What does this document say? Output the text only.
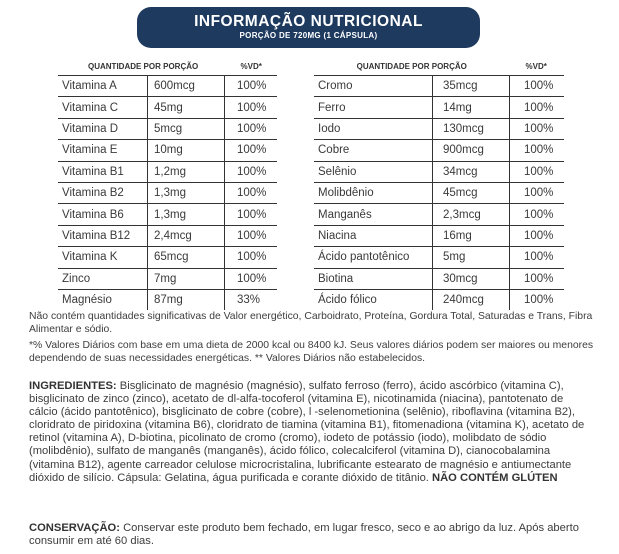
INFORMAÇÃO NUTRICIONAL
PORÇÃO DE 720MG (1 CÁPSULA)
QUANTIDADE POR PORÇÃO		%VD*
Vitamina A	600mcg	100%
Vitamina C	45mg	100%
Vitamina D	5mcg	100%
Vitamina E	10mg	100%
Vitamina B1	1,2mg	100%
Vitamina B2	1,3mg	100%
Vitamina B6	1,3mg	100%
Vitamina B12	2,4mcg	100%
Vitamina K	65mcg	100%
Zinco	7mg	100%
Magnésio	87mg	33%
QUANTIDADE POR PORÇÃO		%VD*
Cromo	35mcg	100%
Ferro	14mg	100%
Iodo	130mcg	100%
Cobre	900mcg	100%
Selênio	34mcg	100%
Molibdênio	45mcg	100%
Manganês	2,3mcg	100%
Niacina	16mg	100%
Ácido pantotênico	5mg	100%
Biotina	30mcg	100%
Ácido fólico	240mcg	100%

Não contém quantidades significativas de Valor energético, Carboidrato, Proteína, Gordura Total, Saturadas e Trans, Fibra Alimentar e sódio.

*% Valores Diários com base em uma dieta de 2000 kcal ou 8400 kJ. Seus valores diários podem ser maiores ou menores dependendo de suas necessidades energéticas. ** Valores Diários não estabelecidos.

INGREDIENTES: Bisglicinato de magnésio (magnésio), sulfato ferroso (ferro), ácido ascórbico (vitamina C), bisglicinato de zinco (zinco), acetato de dl-alfa-tocoferol (vitamina E), nicotinamida (niacina), pantotenato de cálcio (ácido pantotênico), bisglicinato de cobre (cobre), l -selenometionina (selênio), riboflavina (vitamina B2), cloridrato de piridoxina (vitamina B6), cloridrato de tiamina (vitamina B1), fitomenadiona (vitamina K), acetato de retinol (vitamina A), D-biotina, picolinato de cromo (cromo), iodeto de potássio (iodo), molibdato de sódio (molibdênio), sulfato de manganês (manganês), ácido fólico, colecalciferol (vitamina D), cianocobalamina (vitamina B12), agente carreador celulose microcristalina, lubrificante estearato de magnésio e antiumectante dióxido de silício. Cápsula: Gelatina, água purificada e corante dióxido de titânio. NÃO CONTÉM GLÚTEN

CONSERVAÇÃO: Conservar este produto bem fechado, em lugar fresco, seco e ao abrigo da luz. Após aberto consumir em até 60 dias.
